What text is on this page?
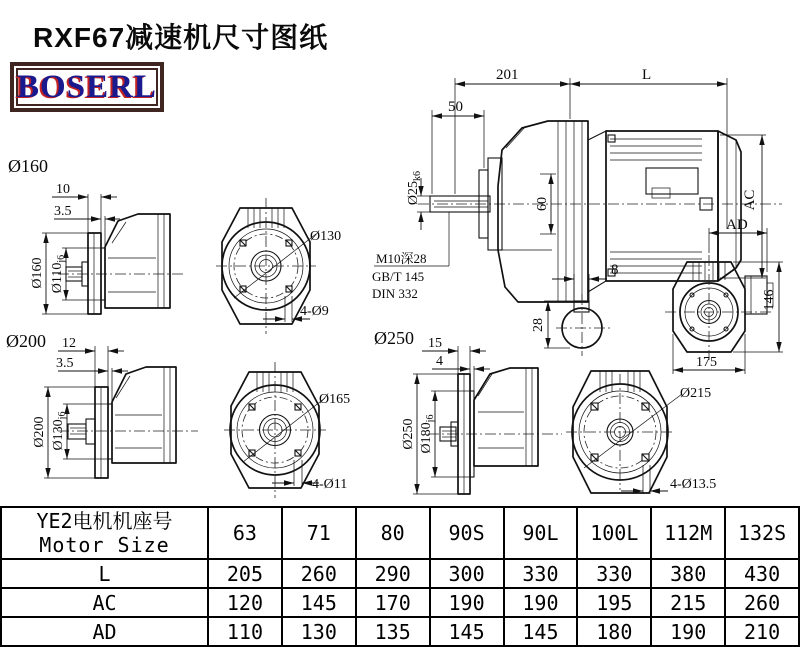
RXF67减速机尺寸图纸
BOSERL	201	L
50
$Ø25_{k6}$
60	AC
M10深28
GB/T 145
DIN 332
Ø160
10
3.5
Ø160 $Ø110_{j6}$
Ø130
4-Ø9
Ø200 12
3.5
Ø200 $Ø130_{j6}$
Ø165
4-Ø11
Ø250 15
4
Ø250 $Ø180_{j6}$
8
28
AD
146
175
Ø215
4-Ø13.5
YE2电机机座号
Motor Size	63	71	80	90S	90L	100L	112M	132S
L	205	260	290	300	330	330	380	430
AC	120	145	170	190	190	195	215	260
AD	110	130	135	145	145	180	190	210
